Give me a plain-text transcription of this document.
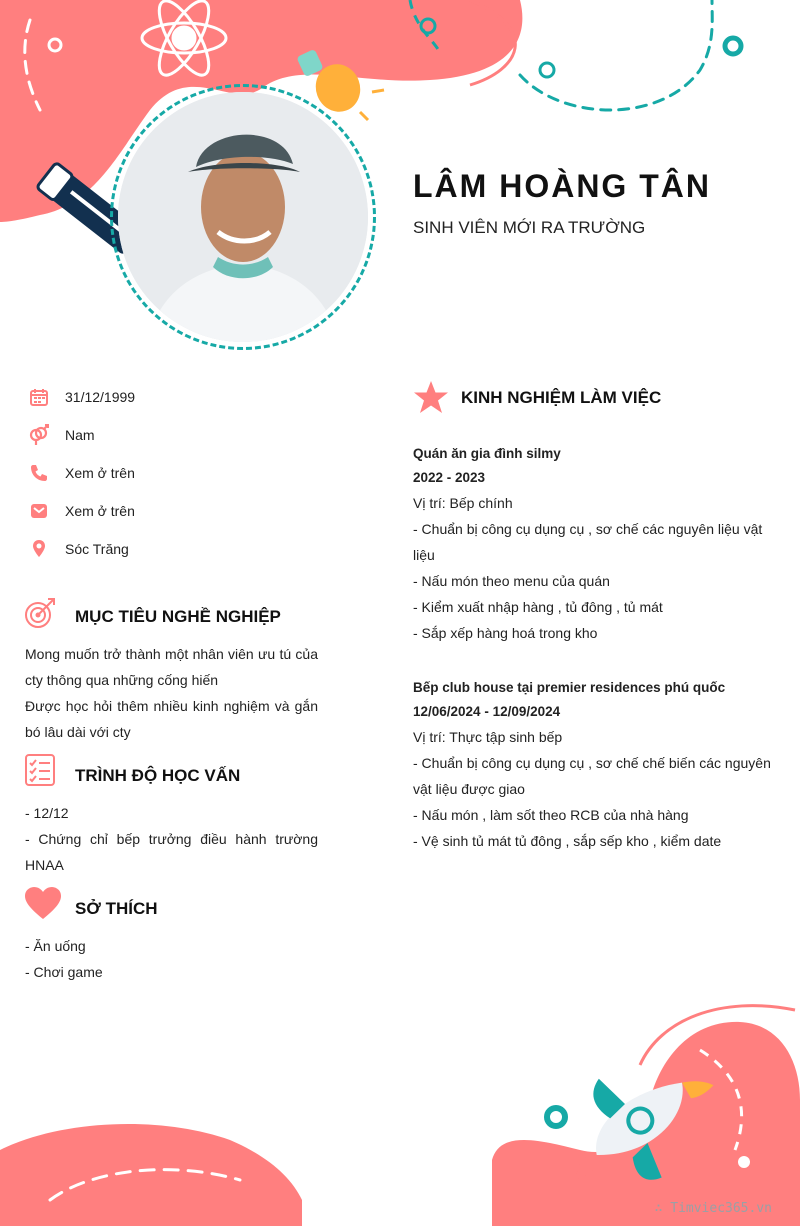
LÂM HOÀNG TÂN
SINH VIÊN MỚI RA TRƯỜNG
31/12/1999
Nam
Xem ở trên
Xem ở trên
Sóc Trăng
MỤC TIÊU NGHỀ NGHIỆP

Mong muốn trở thành một nhân viên ưu tú của cty thông qua những cống hiến

Được học hỏi thêm nhiều kinh nghiệm và gắn bó lâu dài với cty

TRÌNH ĐỘ HỌC VẤN

- 12/12

- Chứng chỉ bếp trưởng điều hành trường HNAA

SỞ THÍCH

- Ăn uống

- Chơi game

KINH NGHIỆM LÀM VIỆC
Quán ăn gia đình silmy
2022 - 2023
Vị trí: Bếp chính
- Chuẩn bị công cụ dụng cụ , sơ chế các nguyên liệu vật liệu
- Nấu món theo menu của quán
- Kiểm xuất nhập hàng , tủ đông , tủ mát
- Sắp xếp hàng hoá trong kho
Bếp club house tại premier residences phú quốc
12/06/2024 - 12/09/2024
Vị trí: Thực tập sinh bếp
- Chuẩn bị công cụ dụng cụ , sơ chế chế biến các nguyên vật liệu được giao
- Nấu món , làm sốt theo RCB của nhà hàng
- Vệ sinh tủ mát tủ đông , sắp sếp kho , kiểm date
∴ Timviec365.vn
